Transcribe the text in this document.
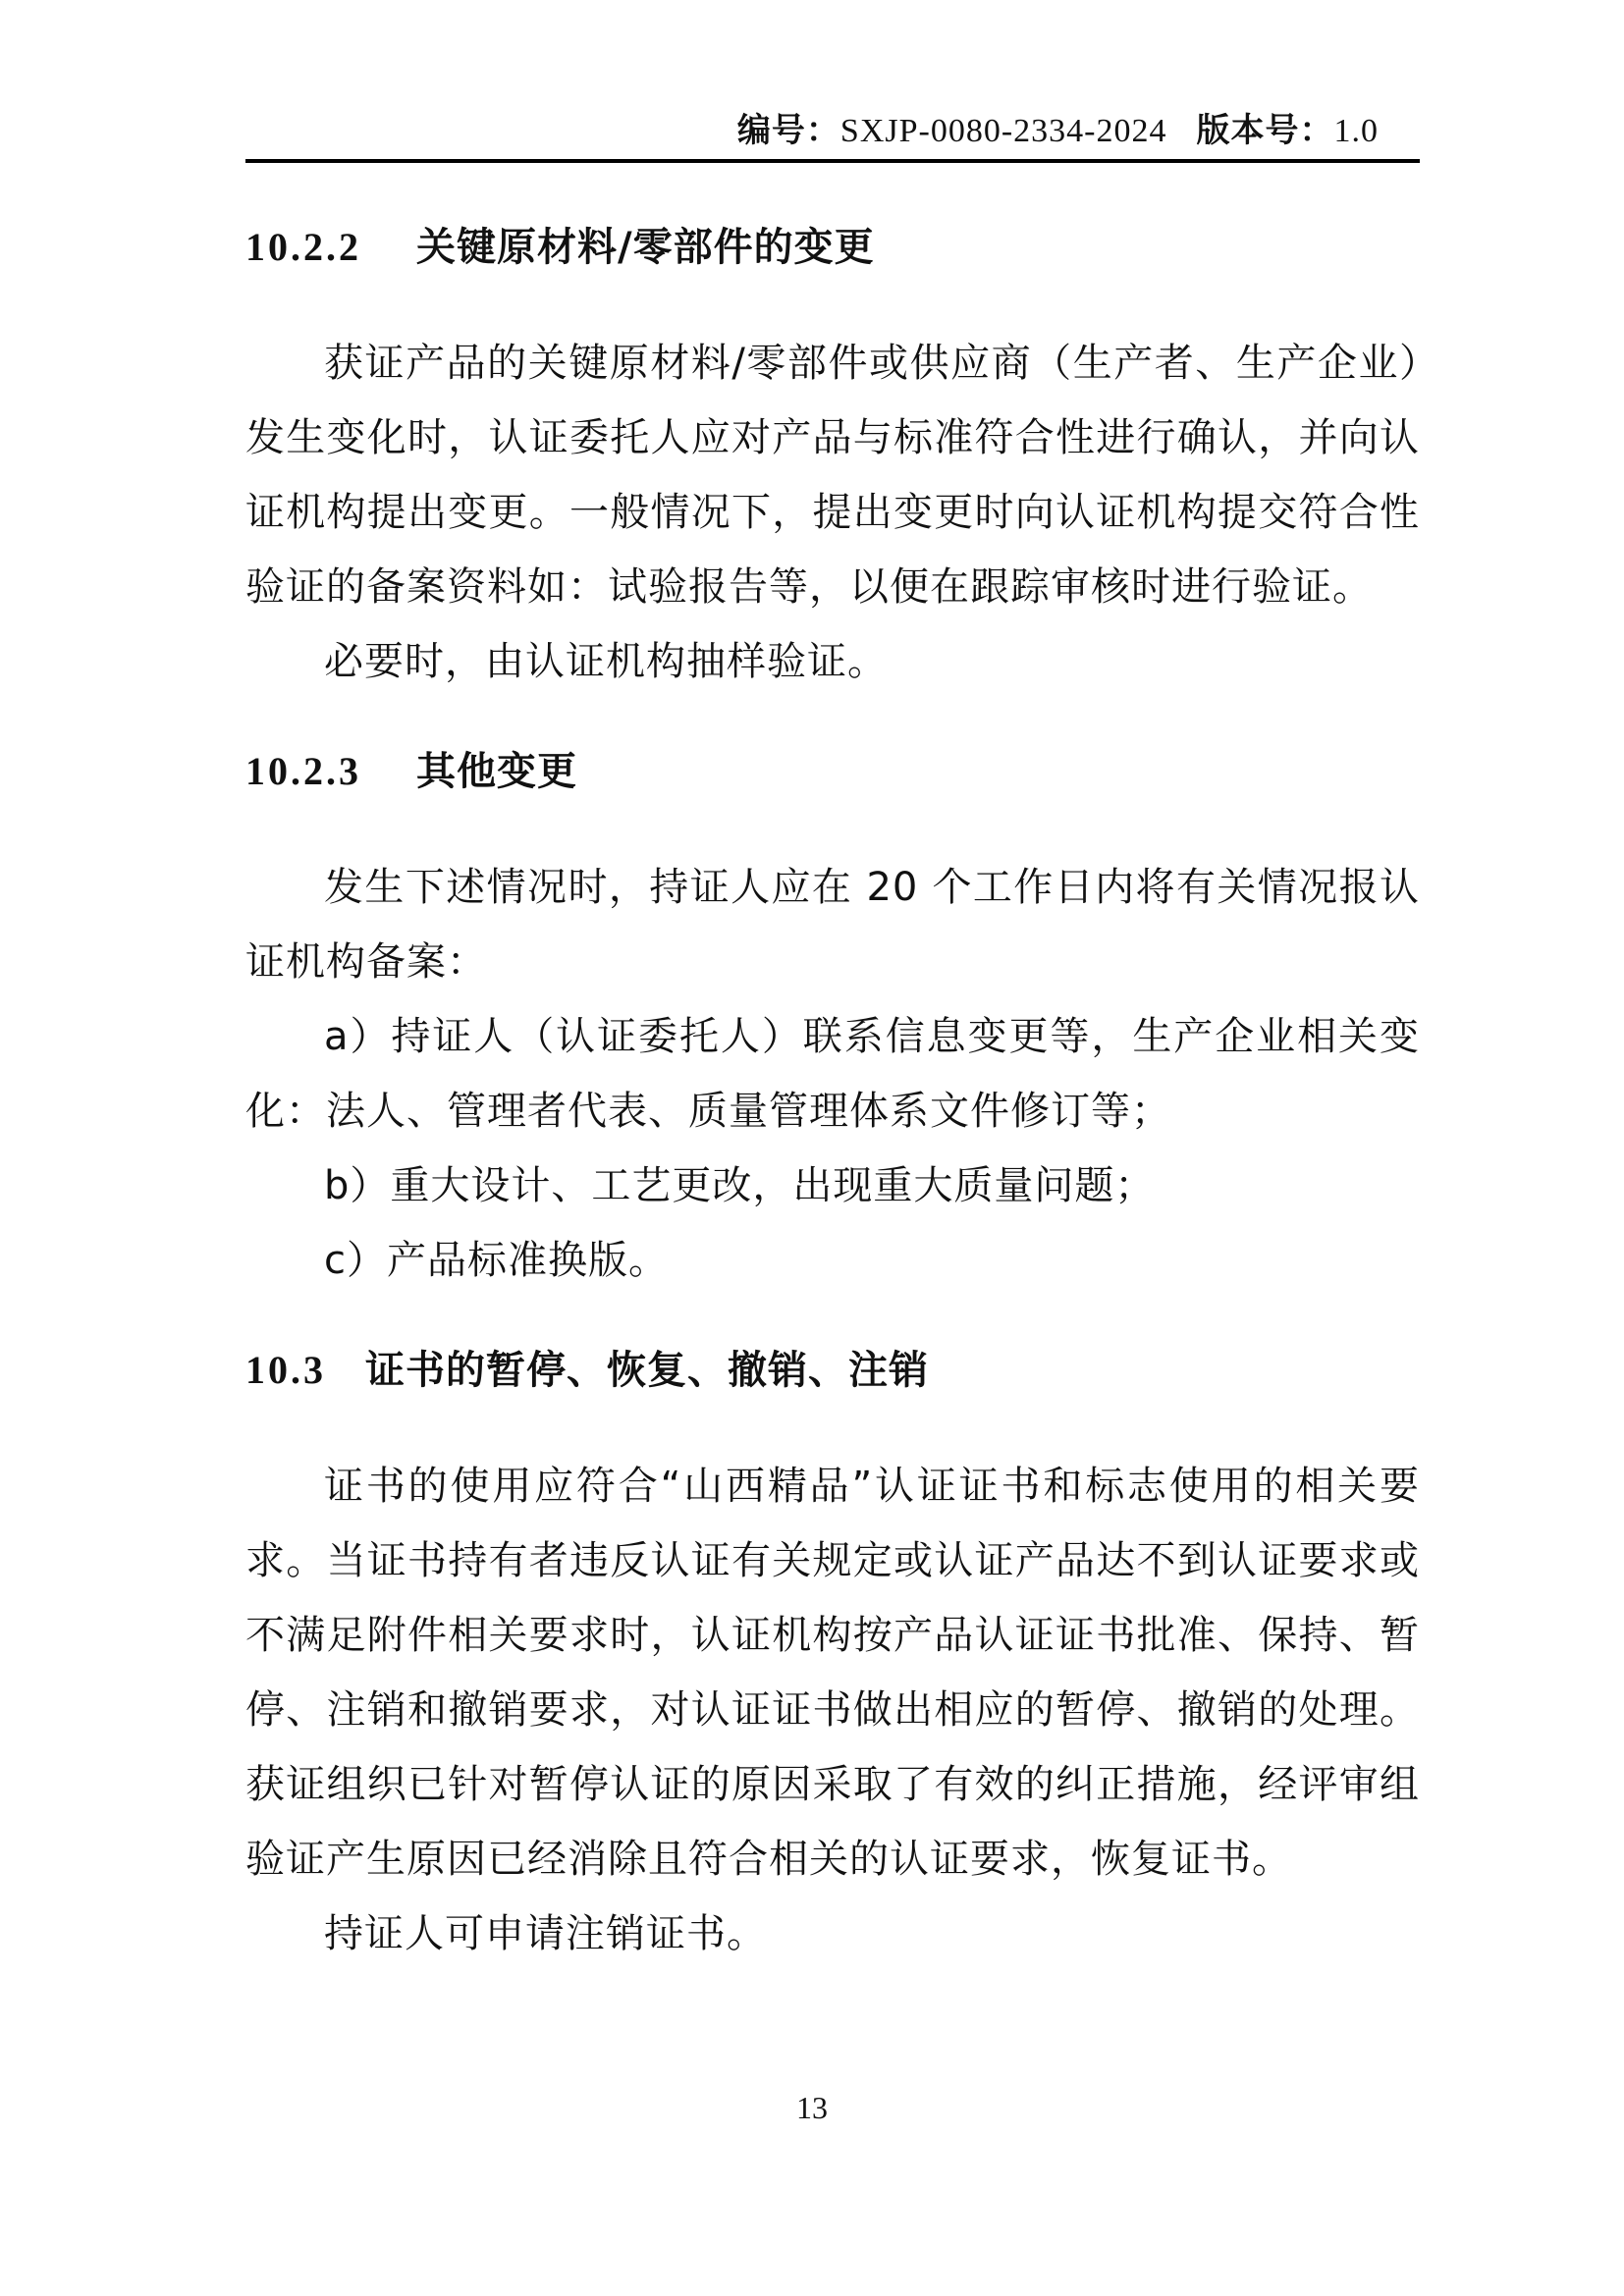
编号：SXJP-0080-2334-2024 版本号：1.0
10.2.2 关键原材料/零部件的变更

获证产品的关键原材料/零部件或供应商（生产者、生产企业）发生变化时，认证委托人应对产品与标准符合性进行确认，并向认证机构提出变更。一般情况下，提出变更时向认证机构提交符合性验证的备案资料如：试验报告等，以便在跟踪审核时进行验证。

必要时，由认证机构抽样验证。

10.2.3 其他变更

发生下述情况时，持证人应在 20 个工作日内将有关情况报认证机构备案：

a）持证人（认证委托人）联系信息变更等，生产企业相关变化：法人、管理者代表、质量管理体系文件修订等；

b）重大设计、工艺更改，出现重大质量问题；

c）产品标准换版。

10.3 证书的暂停、恢复、撤销、注销

证书的使用应符合“山西精品”认证证书和标志使用的相关要求。当证书持有者违反认证有关规定或认证产品达不到认证要求或不满足附件相关要求时，认证机构按产品认证证书批准、保持、暂停、注销和撤销要求，对认证证书做出相应的暂停、撤销的处理。获证组织已针对暂停认证的原因采取了有效的纠正措施，经评审组验证产生原因已经消除且符合相关的认证要求，恢复证书。

持证人可申请注销证书。

13
